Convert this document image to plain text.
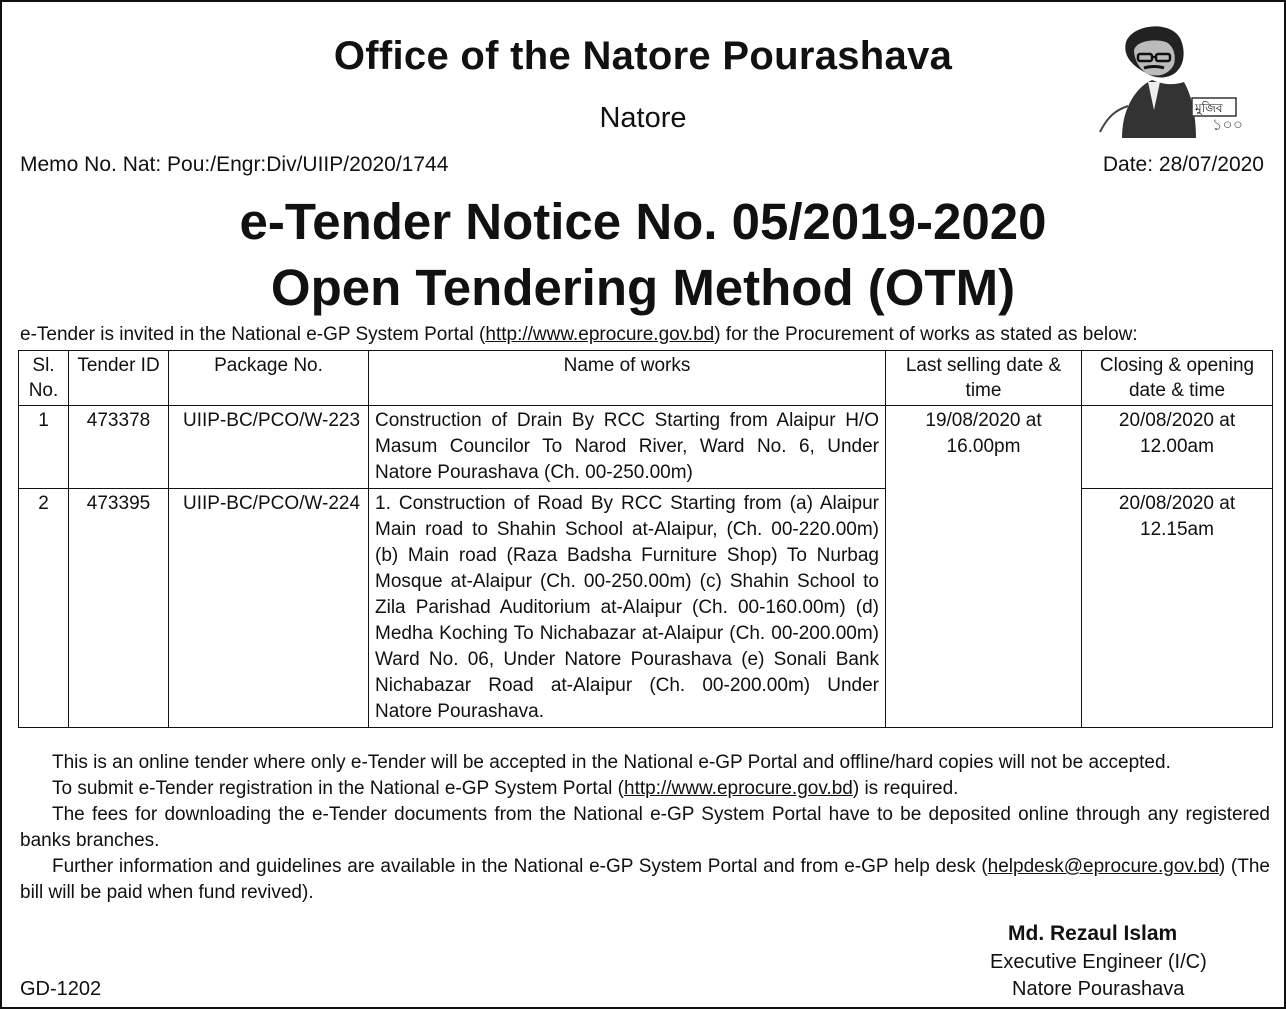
Office of the Natore Pourashava
Natore	মুজিব
১০০
Memo No. Nat: Pou:/Engr:Div/UIIP/2020/1744	Date: 28/07/2020
e-Tender Notice No. 05/2019-2020
Open Tendering Method (OTM)
e-Tender is invited in the National e-GP System Portal (http://www.eprocure.gov.bd) for the Procurement of works as stated as below:
Sl. No.	Tender ID	Package No.	Name of works	Last selling date & time	Closing & opening date & time
1	473378	UIIP-BC/PCO/W-223	Construction of Drain By RCC Starting from Alaipur H/O Masum Councilor To Narod River, Ward No. 6, Under Natore Pourashava (Ch. 00-250.00m)	19/08/2020 at 16.00pm	20/08/2020 at 12.00am
2	473395	UIIP-BC/PCO/W-224	1. Construction of Road By RCC Starting from (a) Alaipur Main road to Shahin School at-Alaipur, (Ch. 00-220.00m) (b) Main road (Raza Badsha Furniture Shop) To Nurbag Mosque at-Alaipur (Ch. 00-250.00m) (c) Shahin School to Zila Parishad Auditorium at-Alaipur (Ch. 00-160.00m) (d) Medha Koching To Nichabazar at-Alaipur (Ch. 00-200.00m) Ward No. 06, Under Natore Pourashava (e) Sonali Bank Nichabazar Road at-Alaipur (Ch. 00-200.00m) Under Natore Pourashava.		20/08/2020 at 12.15am

This is an online tender where only e-Tender will be accepted in the National e-GP Portal and offline/hard copies will not be accepted.

To submit e-Tender registration in the National e-GP System Portal (http://www.eprocure.gov.bd) is required.

The fees for downloading the e-Tender documents from the National e-GP System Portal have to be deposited online through any registered banks branches.

Further information and guidelines are available in the National e-GP System Portal and from e-GP help desk (helpdesk@eprocure.gov.bd) (The bill will be paid when fund revived).

Md. Rezaul Islam
Executive Engineer (I/C)
Natore Pourashava
GD-1202
